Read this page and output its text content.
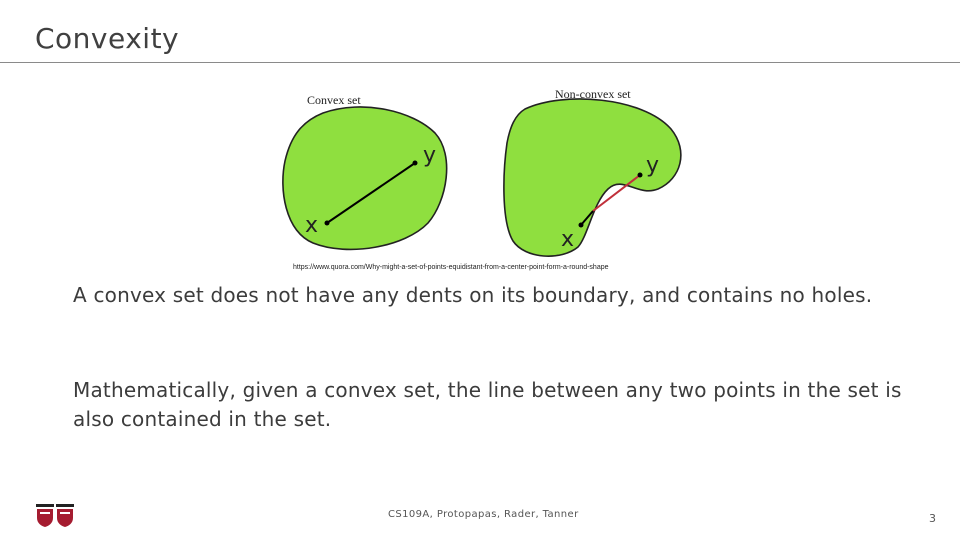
Convexity
Convex set	Non-convex set
x
y
x
y
https://www.quora.com/Why-might-a-set-of-points-equidistant-from-a-center-point-form-a-round-shape
A convex set does not have any dents on its boundary, and contains no holes.
Mathematically, given a convex set, the line between any two points in the set is also contained in the set.
CS109A, Protopapas, Rader, Tanner	3
